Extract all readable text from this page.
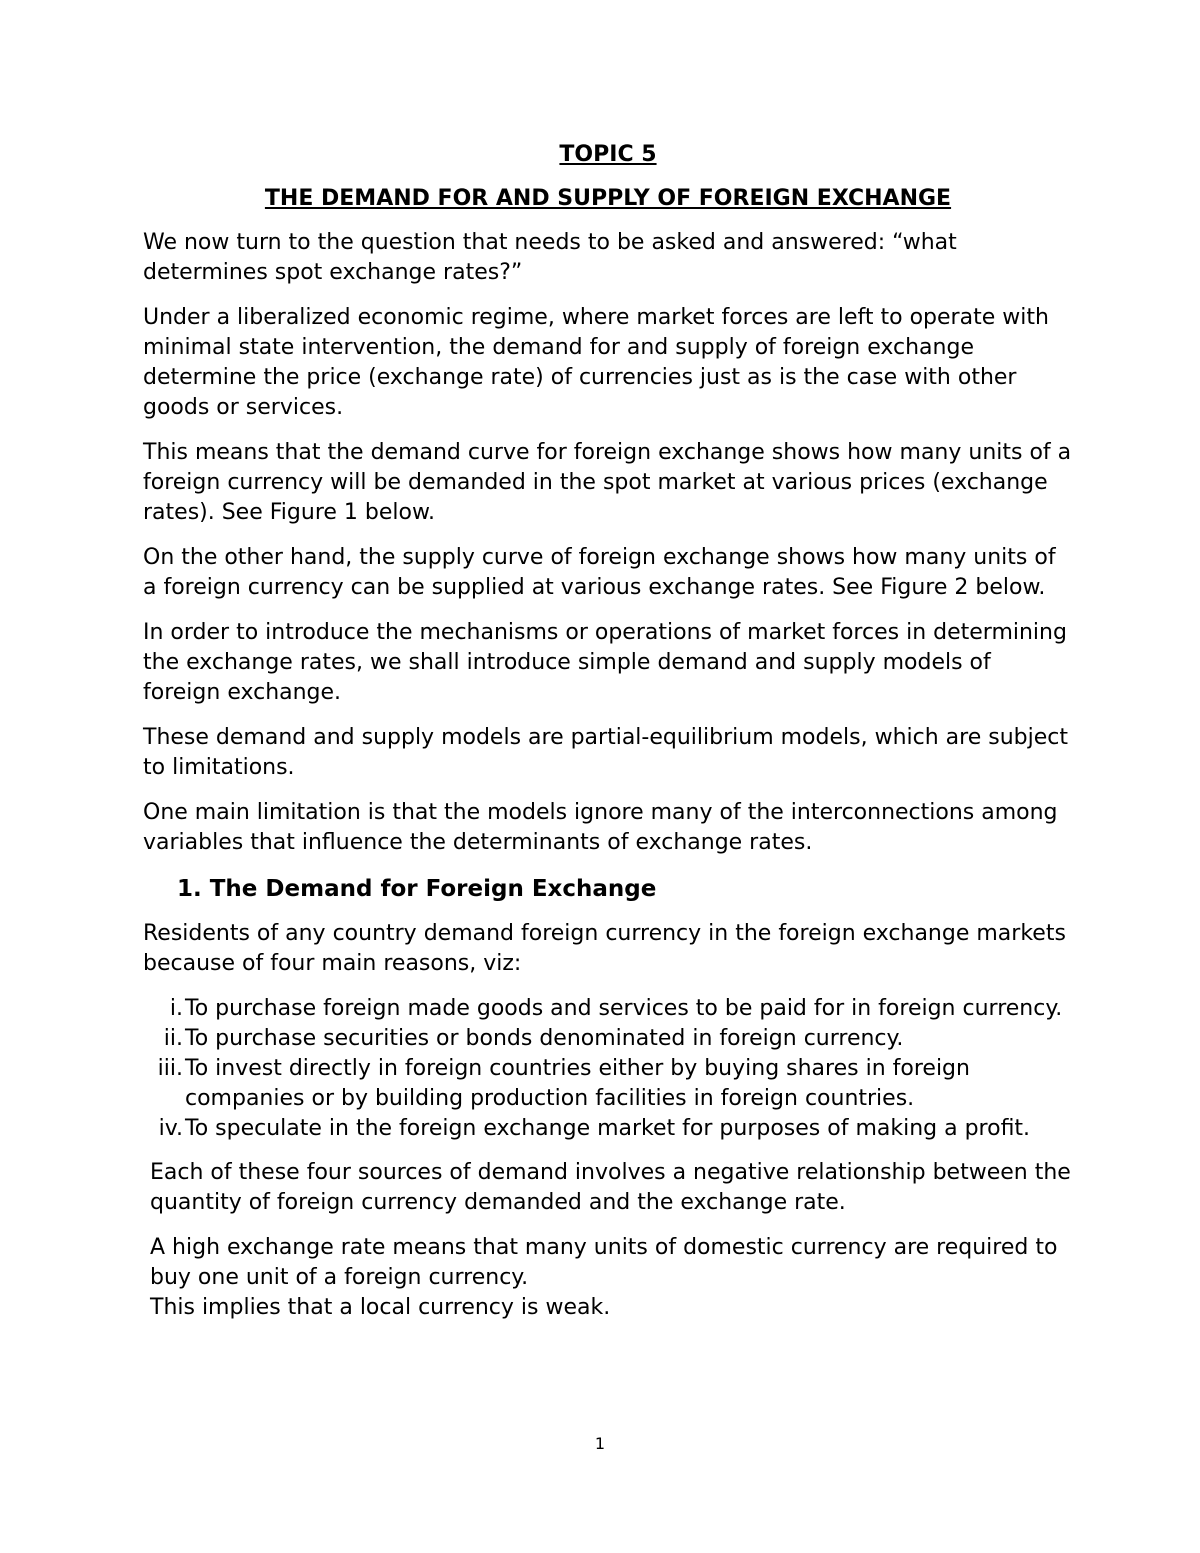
TOPIC 5

THE DEMAND FOR AND SUPPLY OF FOREIGN EXCHANGE

We now turn to the question that needs to be asked and answered: “what determines spot exchange rates?”

Under a liberalized economic regime, where market forces are left to operate with minimal state intervention, the demand for and supply of foreign exchange determine the price (exchange rate) of currencies just as is the case with other goods or services.

This means that the demand curve for foreign exchange shows how many units of a foreign currency will be demanded in the spot market at various prices (exchange rates). See Figure 1 below.

On the other hand, the supply curve of foreign exchange shows how many units of a foreign currency can be supplied at various exchange rates. See Figure 2 below.

In order to introduce the mechanisms or operations of market forces in determining the exchange rates, we shall introduce simple demand and supply models of foreign exchange.

These demand and supply models are partial-equilibrium models, which are subject to limitations.

One main limitation is that the models ignore many of the interconnections among variables that influence the determinants of exchange rates.

1. The Demand for Foreign Exchange

Residents of any country demand foreign currency in the foreign exchange markets because of four main reasons, viz:

i. To purchase foreign made goods and services to be paid for in foreign currency.
ii. To purchase securities or bonds denominated in foreign currency.
iii. To invest directly in foreign countries either by buying shares in foreign companies or by building production facilities in foreign countries.
iv. To speculate in the foreign exchange market for purposes of making a profit.

Each of these four sources of demand involves a negative relationship between the quantity of foreign currency demanded and the exchange rate.

A high exchange rate means that many units of domestic currency are required to buy one unit of a foreign currency.

This implies that a local currency is weak.

1
